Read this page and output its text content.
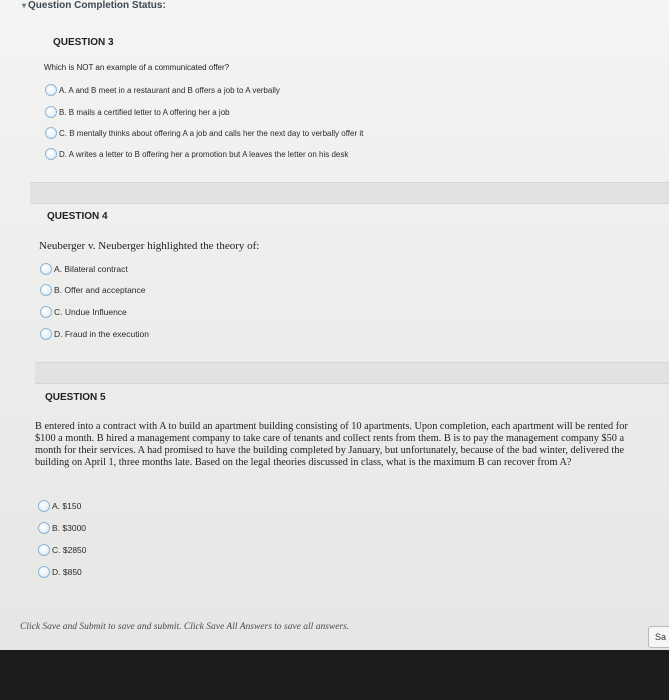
▾ Question Completion Status:
QUESTION 3
Which is NOT an example of a communicated offer?
A. A and B meet in a restaurant and B offers a job to A verbally
B. B mails a certified letter to A offering her a job
C. B mentally thinks about offering A a job and calls her the next day to verbally offer it
D. A writes a letter to B offering her a promotion but A leaves the letter on his desk
QUESTION 4
Neuberger v. Neuberger highlighted the theory of:
A. Bilateral contract
B. Offer and acceptance
C. Undue Influence
D. Fraud in the execution
QUESTION 5
B entered into a contract with A to build an apartment building consisting of 10 apartments. Upon completion, each apartment will be rented for $100 a month. B hired a management company to take care of tenants and collect rents from them. B is to pay the management company $50 a month for their services. A had promised to have the building completed by January, but unfortunately, because of the bad winter, delivered the building on April 1, three months late. Based on the legal theories discussed in class, what is the maximum B can recover from A?
A. $150
B. $3000
C. $2850
D. $850
Click Save and Submit to save and submit. Click Save All Answers to save all answers.
Sa
